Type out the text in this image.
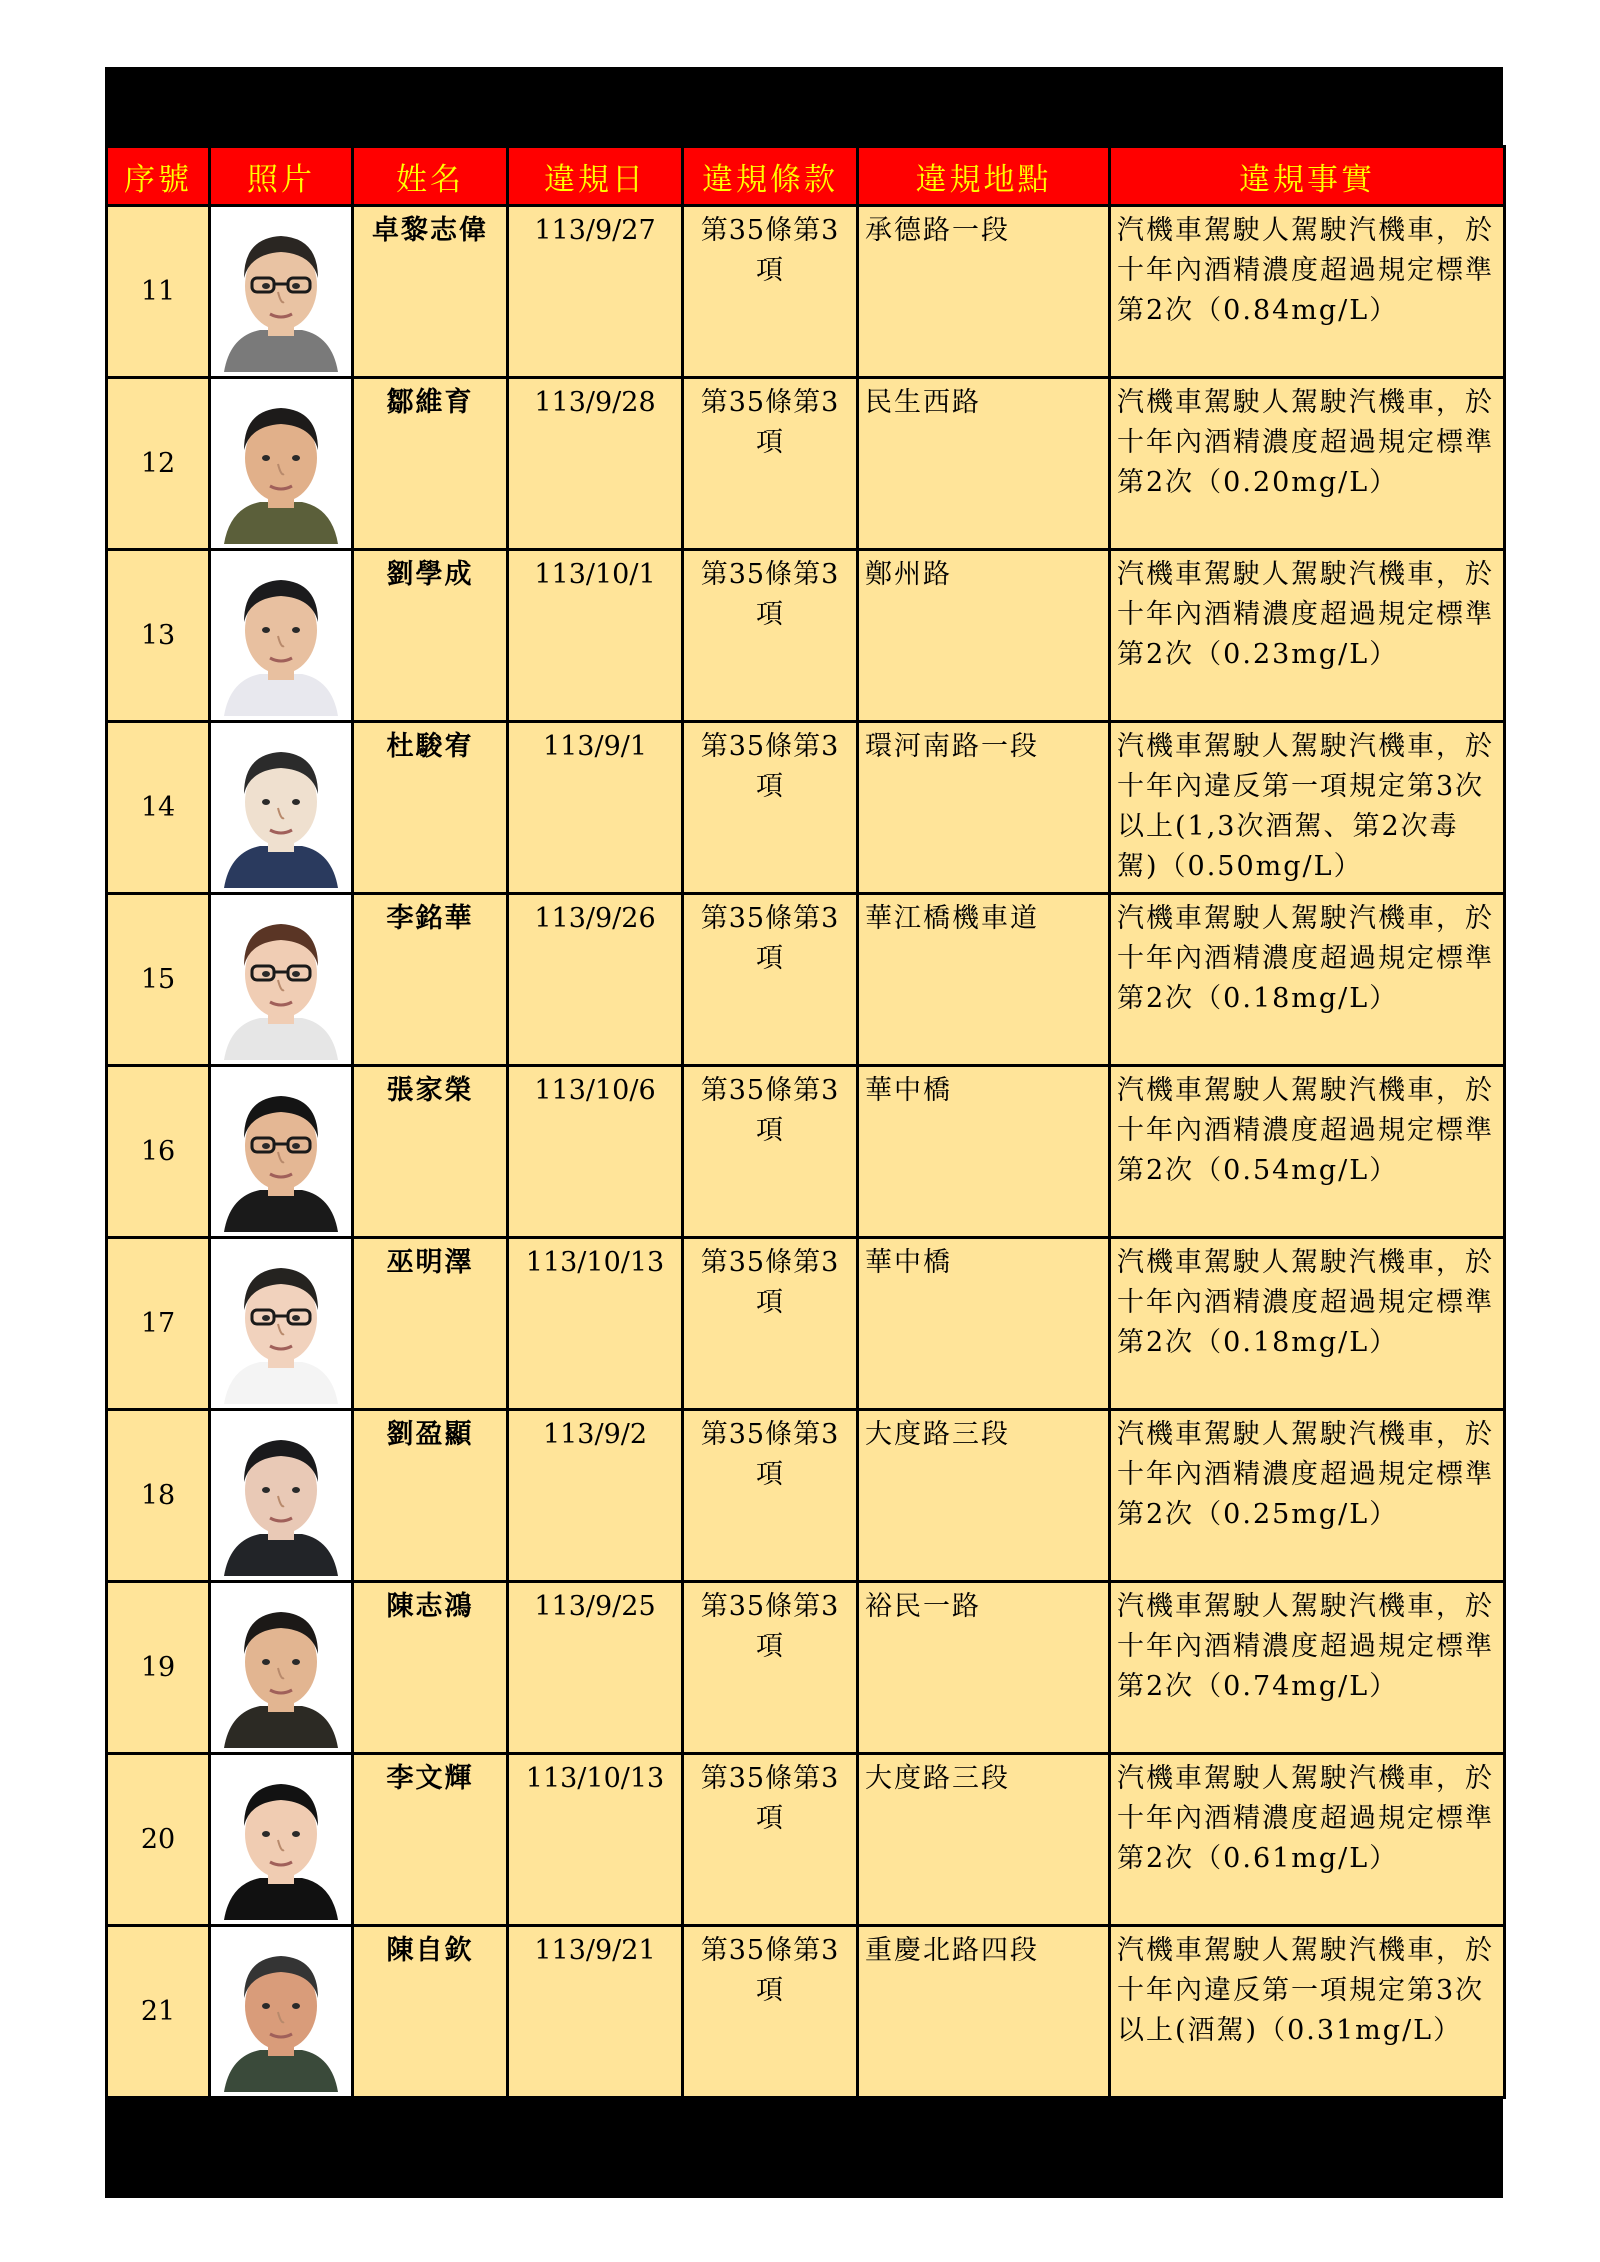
序號	照片	姓名	違規日	違規條款	違規地點	違規事實
11		卓黎志偉	113/9/27	第35條第3項	承德路一段	汽機車駕駛人駕駛汽機車，於十年內酒精濃度超過規定標準第2次（0.84mg/L）
12		鄒維育	113/9/28	第35條第3項	民生西路	汽機車駕駛人駕駛汽機車，於十年內酒精濃度超過規定標準第2次（0.20mg/L）
13		劉學成	113/10/1	第35條第3項	鄭州路	汽機車駕駛人駕駛汽機車，於十年內酒精濃度超過規定標準第2次（0.23mg/L）
14		杜駿宥	113/9/1	第35條第3項	環河南路一段	汽機車駕駛人駕駛汽機車，於十年內違反第一項規定第3次以上(1,3次酒駕、第2次毒駕)（0.50mg/L）
15		李銘華	113/9/26	第35條第3項	華江橋機車道	汽機車駕駛人駕駛汽機車，於十年內酒精濃度超過規定標準第2次（0.18mg/L）
16		張家榮	113/10/6	第35條第3項	華中橋	汽機車駕駛人駕駛汽機車，於十年內酒精濃度超過規定標準第2次（0.54mg/L）
17		巫明澤	113/10/13	第35條第3項	華中橋	汽機車駕駛人駕駛汽機車，於十年內酒精濃度超過規定標準第2次（0.18mg/L）
18		劉盈顯	113/9/2	第35條第3項	大度路三段	汽機車駕駛人駕駛汽機車，於十年內酒精濃度超過規定標準第2次（0.25mg/L）
19		陳志鴻	113/9/25	第35條第3項	裕民一路	汽機車駕駛人駕駛汽機車，於十年內酒精濃度超過規定標準第2次（0.74mg/L）
20		李文輝	113/10/13	第35條第3項	大度路三段	汽機車駕駛人駕駛汽機車，於十年內酒精濃度超過規定標準第2次（0.61mg/L）
21		陳自欽	113/9/21	第35條第3項	重慶北路四段	汽機車駕駛人駕駛汽機車，於十年內違反第一項規定第3次以上(酒駕)（0.31mg/L）
